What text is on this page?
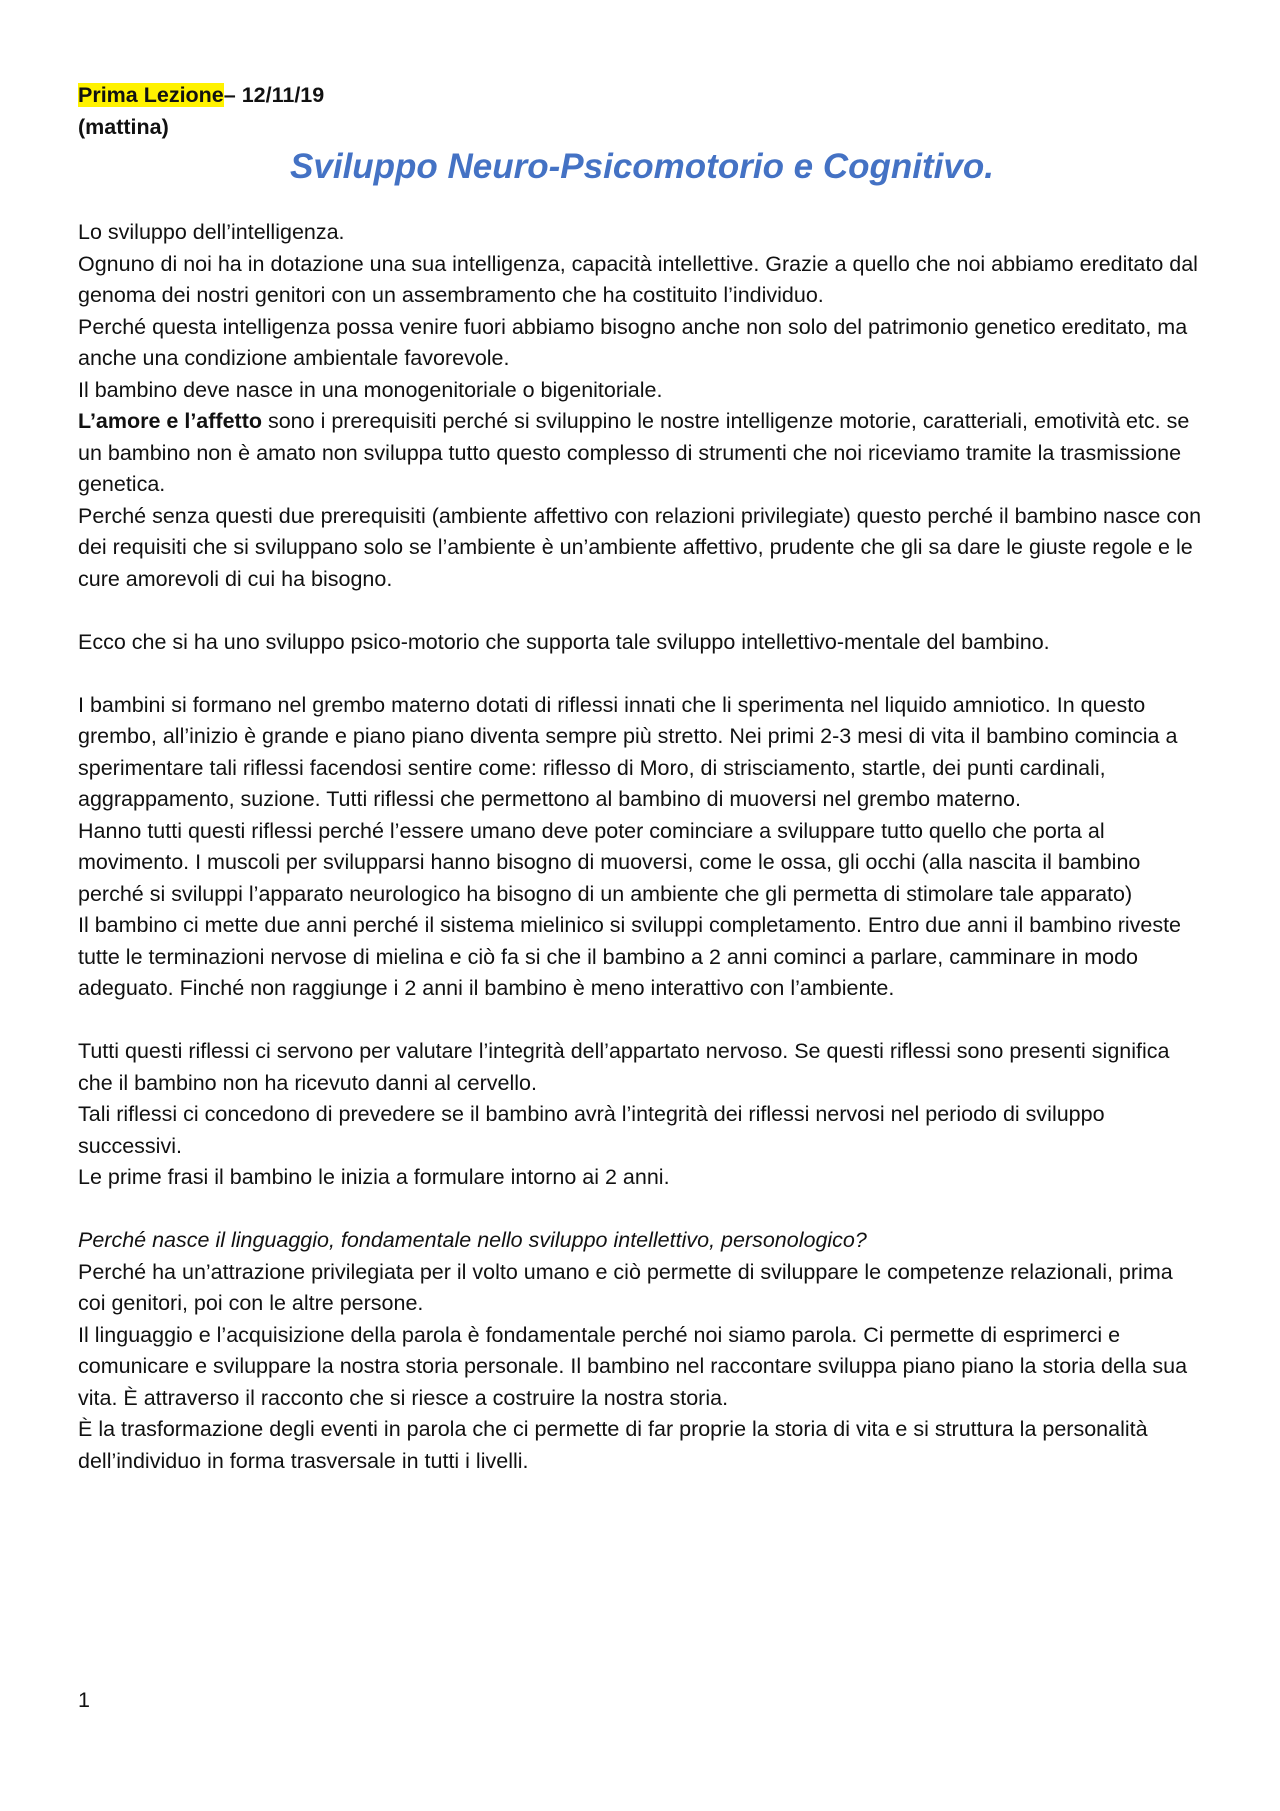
Prima Lezione– 12/11/19

(mattina)

Sviluppo Neuro-Psicomotorio e Cognitivo.

Lo sviluppo dell’intelligenza.

Ognuno di noi ha in dotazione una sua intelligenza, capacità intellettive. Grazie a quello che noi abbiamo ereditato dal genoma dei nostri genitori con un assembramento che ha costituito l’individuo.

Perché questa intelligenza possa venire fuori abbiamo bisogno anche non solo del patrimonio genetico ereditato, ma anche una condizione ambientale favorevole.

Il bambino deve nasce in una monogenitoriale o bigenitoriale.

L’amore e l’affetto sono i prerequisiti perché si sviluppino le nostre intelligenze motorie, caratteriali, emotività etc. se un bambino non è amato non sviluppa tutto questo complesso di strumenti che noi riceviamo tramite la trasmissione genetica.

Perché senza questi due prerequisiti (ambiente affettivo con relazioni privilegiate) questo perché il bambino nasce con dei requisiti che si sviluppano solo se l’ambiente è un’ambiente affettivo, prudente che gli sa dare le giuste regole e le cure amorevoli di cui ha bisogno.

Ecco che si ha uno sviluppo psico-motorio che supporta tale sviluppo intellettivo-mentale del bambino.

I bambini si formano nel grembo materno dotati di riflessi innati che li sperimenta nel liquido amniotico. In questo grembo, all’inizio è grande e piano piano diventa sempre più stretto. Nei primi 2-3 mesi di vita il bambino comincia a sperimentare tali riflessi facendosi sentire come: riflesso di Moro, di strisciamento, startle, dei punti cardinali, aggrappamento, suzione. Tutti riflessi che permettono al bambino di muoversi nel grembo materno.

Hanno tutti questi riflessi perché l’essere umano deve poter cominciare a sviluppare tutto quello che porta al movimento. I muscoli per svilupparsi hanno bisogno di muoversi, come le ossa, gli occhi (alla nascita il bambino perché si sviluppi l’apparato neurologico ha bisogno di un ambiente che gli permetta di stimolare tale apparato)

Il bambino ci mette due anni perché il sistema mielinico si sviluppi completamento. Entro due anni il bambino riveste tutte le terminazioni nervose di mielina e ciò fa si che il bambino a 2 anni cominci a parlare, camminare in modo adeguato. Finché non raggiunge i 2 anni il bambino è meno interattivo con l’ambiente.

Tutti questi riflessi ci servono per valutare l’integrità dell’appartato nervoso. Se questi riflessi sono presenti significa che il bambino non ha ricevuto danni al cervello.

Tali riflessi ci concedono di prevedere se il bambino avrà l’integrità dei riflessi nervosi nel periodo di sviluppo successivi.

Le prime frasi il bambino le inizia a formulare intorno ai 2 anni.

Perché nasce il linguaggio, fondamentale nello sviluppo intellettivo, personologico?

Perché ha un’attrazione privilegiata per il volto umano e ciò permette di sviluppare le competenze relazionali, prima coi genitori, poi con le altre persone.

Il linguaggio e l’acquisizione della parola è fondamentale perché noi siamo parola. Ci permette di esprimerci e comunicare e sviluppare la nostra storia personale. Il bambino nel raccontare sviluppa piano piano la storia della sua vita. È attraverso il racconto che si riesce a costruire la nostra storia.

È la trasformazione degli eventi in parola che ci permette di far proprie la storia di vita e si struttura la personalità dell’individuo in forma trasversale in tutti i livelli.

1
